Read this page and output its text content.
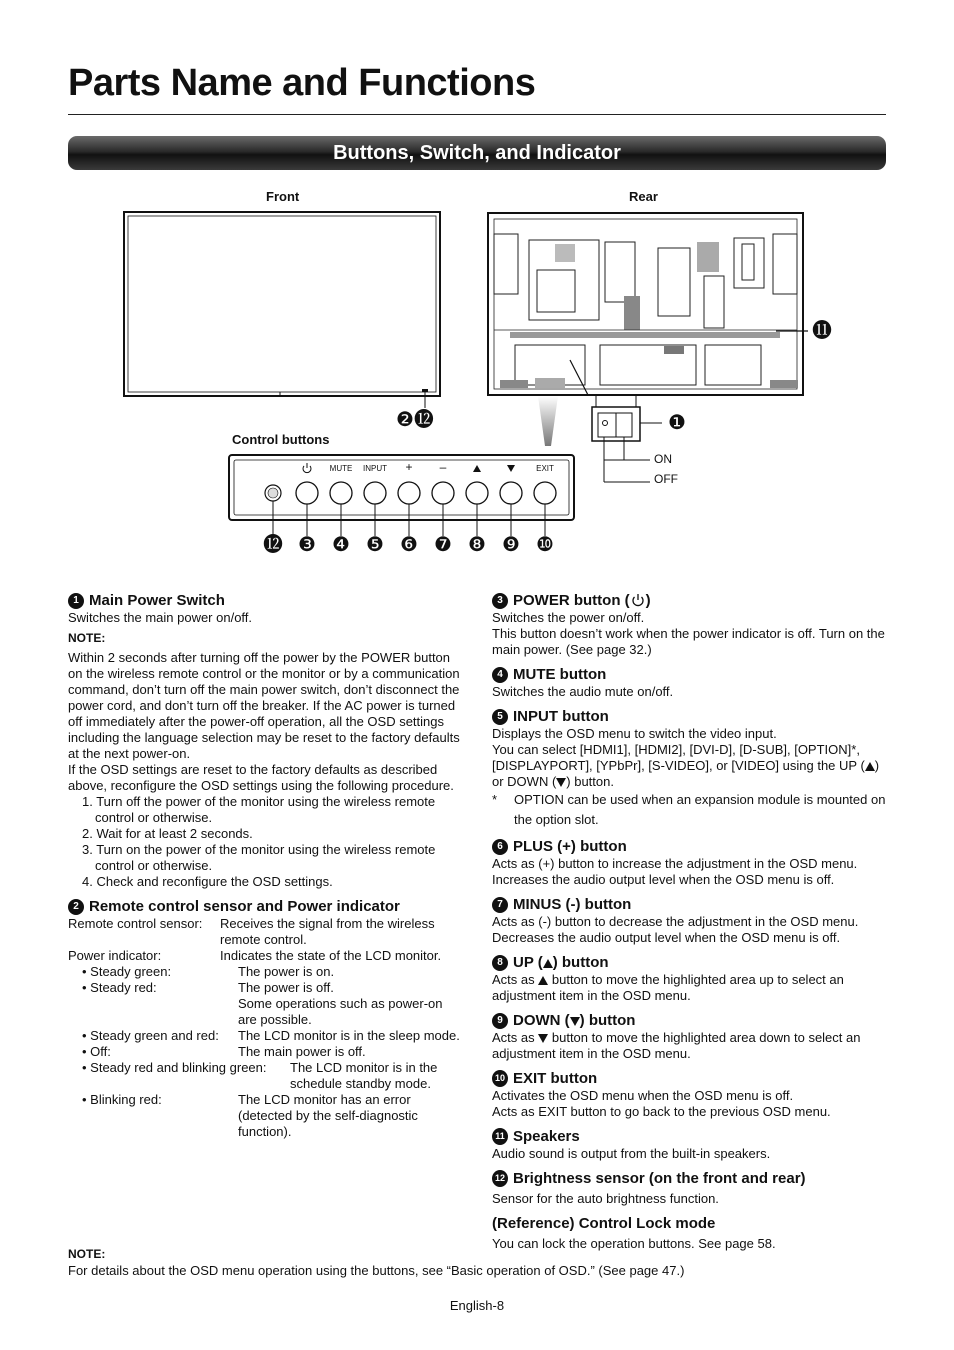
Parts Name and Functions
Buttons, Switch, and Indicator
Front	Rear
Control buttons
ON
OFF
MUTE INPUT	+	–	EXIT
❶
⓫
❷⓬
⓬ ❸ ❹ ❺ ❻ ❼ ❽ ❾ ❿
1 Main Power Switch

Switches the main power on/off.

NOTE:

Within 2 seconds after turning off the power by the POWER button on the wireless remote control or the monitor or by a communication command, don’t turn off the main power switch, don’t disconnect the power cord, and don’t turn off the breaker. If the AC power is turned off immediately after the power-off operation, all the OSD settings including the language selection may be reset to the factory defaults at the next power-on.

If the OSD settings are reset to the factory defaults as described above, reconfigure the OSD settings using the following procedure.

1. Turn off the power of the monitor using the wireless remote control or otherwise.

2. Wait for at least 2 seconds.

3. Turn on the power of the monitor using the wireless remote control or otherwise.

4. Check and reconfigure the OSD settings.

2 Remote control sensor and Power indicator
Remote control sensor:	Receives the signal from the wireless remote control.
Power indicator:	Indicates the state of the LCD monitor.
• Steady green:	The power is on.
• Steady red:	The power is off.
Some operations such as power-on are possible.
• Steady green and red:	The LCD monitor is in the sleep mode.
• Off:	The main power is off.
• Steady red and blinking green:	The LCD monitor is in the schedule standby mode.
• Blinking red:	The LCD monitor has an error (detected by the self-diagnostic function).
3 POWER button ( )

Switches the power on/off.

This button doesn’t work when the power indicator is off. Turn on the main power. (See page 32.)

4 MUTE button

Switches the audio mute on/off.

5 INPUT button

Displays the OSD menu to switch the video input.

You can select [HDMI1], [HDMI2], [DVI-D], [D-SUB], [OPTION]*, [DISPLAYPORT], [YPbPr], [S-VIDEO], or [VIDEO] using the UP ( ) or DOWN ( ) button.

*	OPTION can be used when an expansion module is mounted on the option slot.
6 PLUS (+) button

Acts as (+) button to increase the adjustment in the OSD menu. Increases the audio output level when the OSD menu is off.

7 MINUS (-) button

Acts as (-) button to decrease the adjustment in the OSD menu. Decreases the audio output level when the OSD menu is off.

8 UP ( ) button

Acts as button to move the highlighted area up to select an adjustment item in the OSD menu.

9 DOWN ( ) button

Acts as button to move the highlighted area down to select an adjustment item in the OSD menu.

10 EXIT button

Activates the OSD menu when the OSD menu is off.

Acts as EXIT button to go back to the previous OSD menu.

11 Speakers

Audio sound is output from the built-in speakers.

12 Brightness sensor (on the front and rear)

Sensor for the auto brightness function.

(Reference) Control Lock mode

You can lock the operation buttons. See page 58.

NOTE:
For details about the OSD menu operation using the buttons, see “Basic operation of OSD.” (See page 47.)
English-8
